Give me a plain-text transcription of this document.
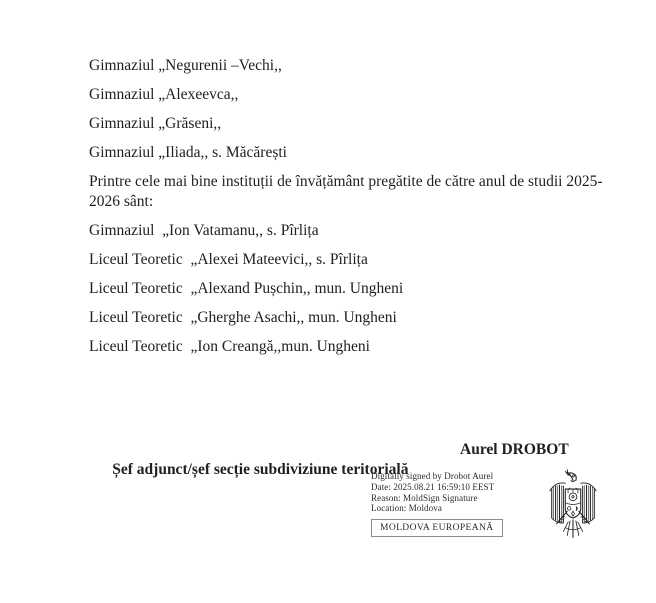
Gimnaziul „Negurenii –Vechi,,
Gimnaziul „Alexeevca,,
Gimnaziul „Grăseni,,
Gimnaziul „Iliada,, s. Măcărești
Printre cele mai bine instituții de învățământ pregătite de către anul de studii 2025-
2026 sânt:
Gimnaziul  „Ion Vatamanu,, s. Pîrlița
Liceul Teoretic  „Alexei Mateevici,, s. Pîrlița
Liceul Teoretic  „Alexand Pușchin,, mun. Ungheni
Liceul Teoretic  „Gherghe Asachi,, mun. Ungheni
Liceul Teoretic  „Ion Creangă,,mun. Ungheni

Șef adjunct/șef secție subdiviziune teritorială

Aurel DROBOT

Digitally signed by Drobot Aurel
Date: 2025.08.21 16:59:10 EEST
Reason: MoldSign Signature
Location: Moldova
MOLDOVA EUROPEANĂ
